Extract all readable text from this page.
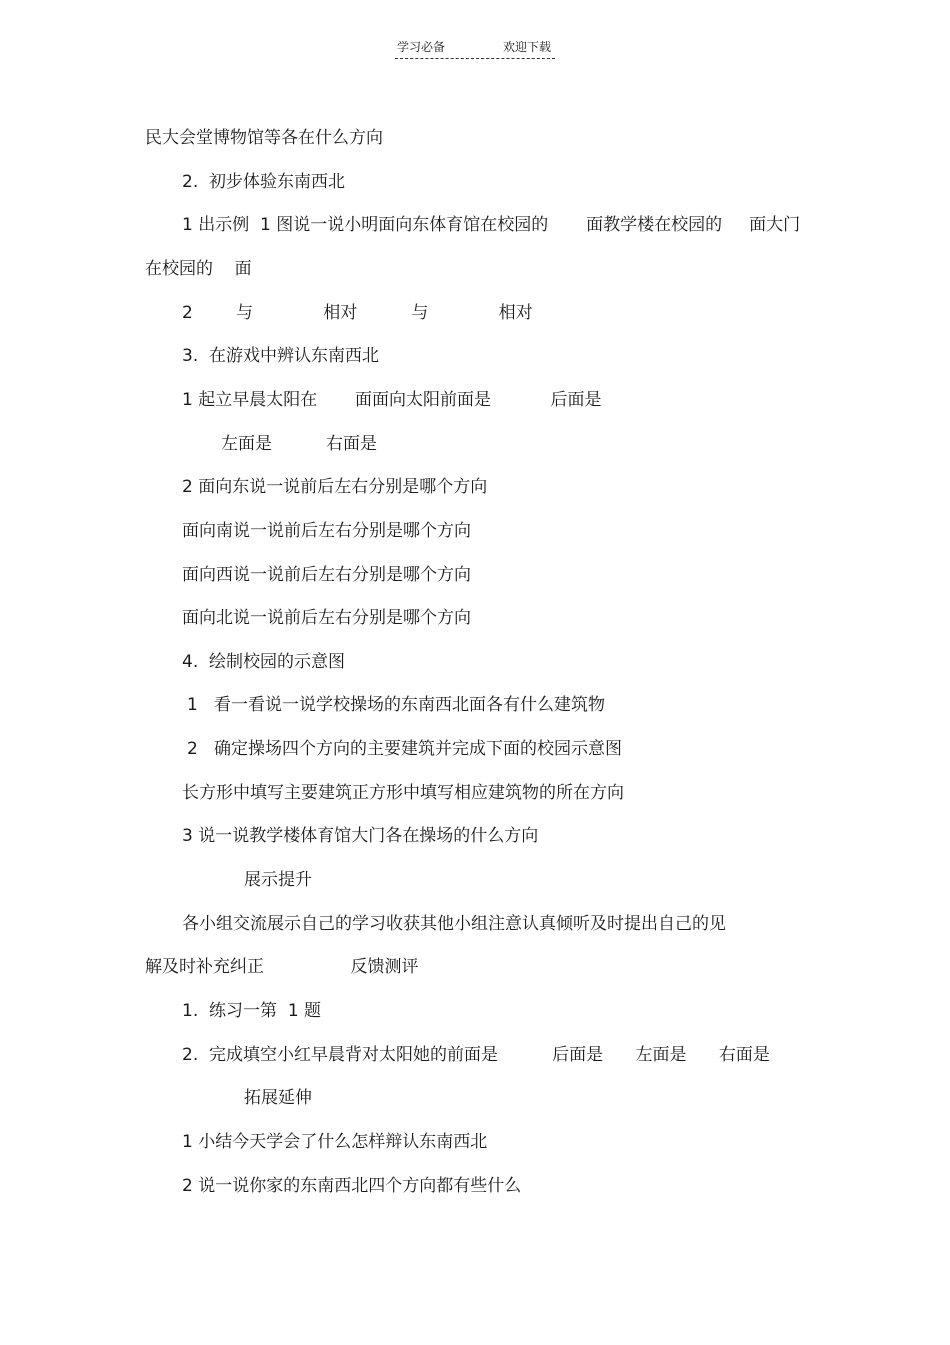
学习必备	欢迎下载
民大会堂博物馆等各在什么方向
2.  初步体验东南西北
1 出示例  1 图说一说小明面向东体育馆在校园的       面教学楼在校园的     面大门
在校园的    面
2        与             相对          与             相对
3.  在游戏中辨认东南西北
1 起立早晨太阳在       面面向太阳前面是           后面是
左面是          右面是
2 面向东说一说前后左右分别是哪个方向
面向南说一说前后左右分别是哪个方向
面向西说一说前后左右分别是哪个方向
面向北说一说前后左右分别是哪个方向
4.  绘制校园的示意图
1   看一看说一说学校操场的东南西北面各有什么建筑物
2   确定操场四个方向的主要建筑并完成下面的校园示意图
长方形中填写主要建筑正方形中填写相应建筑物的所在方向
3 说一说教学楼体育馆大门各在操场的什么方向
展示提升
各小组交流展示自己的学习收获其他小组注意认真倾听及时提出自己的见
解及时补充纠正                反馈测评
1.  练习一第  1 题
2.  完成填空小红早晨背对太阳她的前面是          后面是      左面是      右面是
拓展延伸
1 小结今天学会了什么怎样辩认东南西北
2 说一说你家的东南西北四个方向都有些什么
